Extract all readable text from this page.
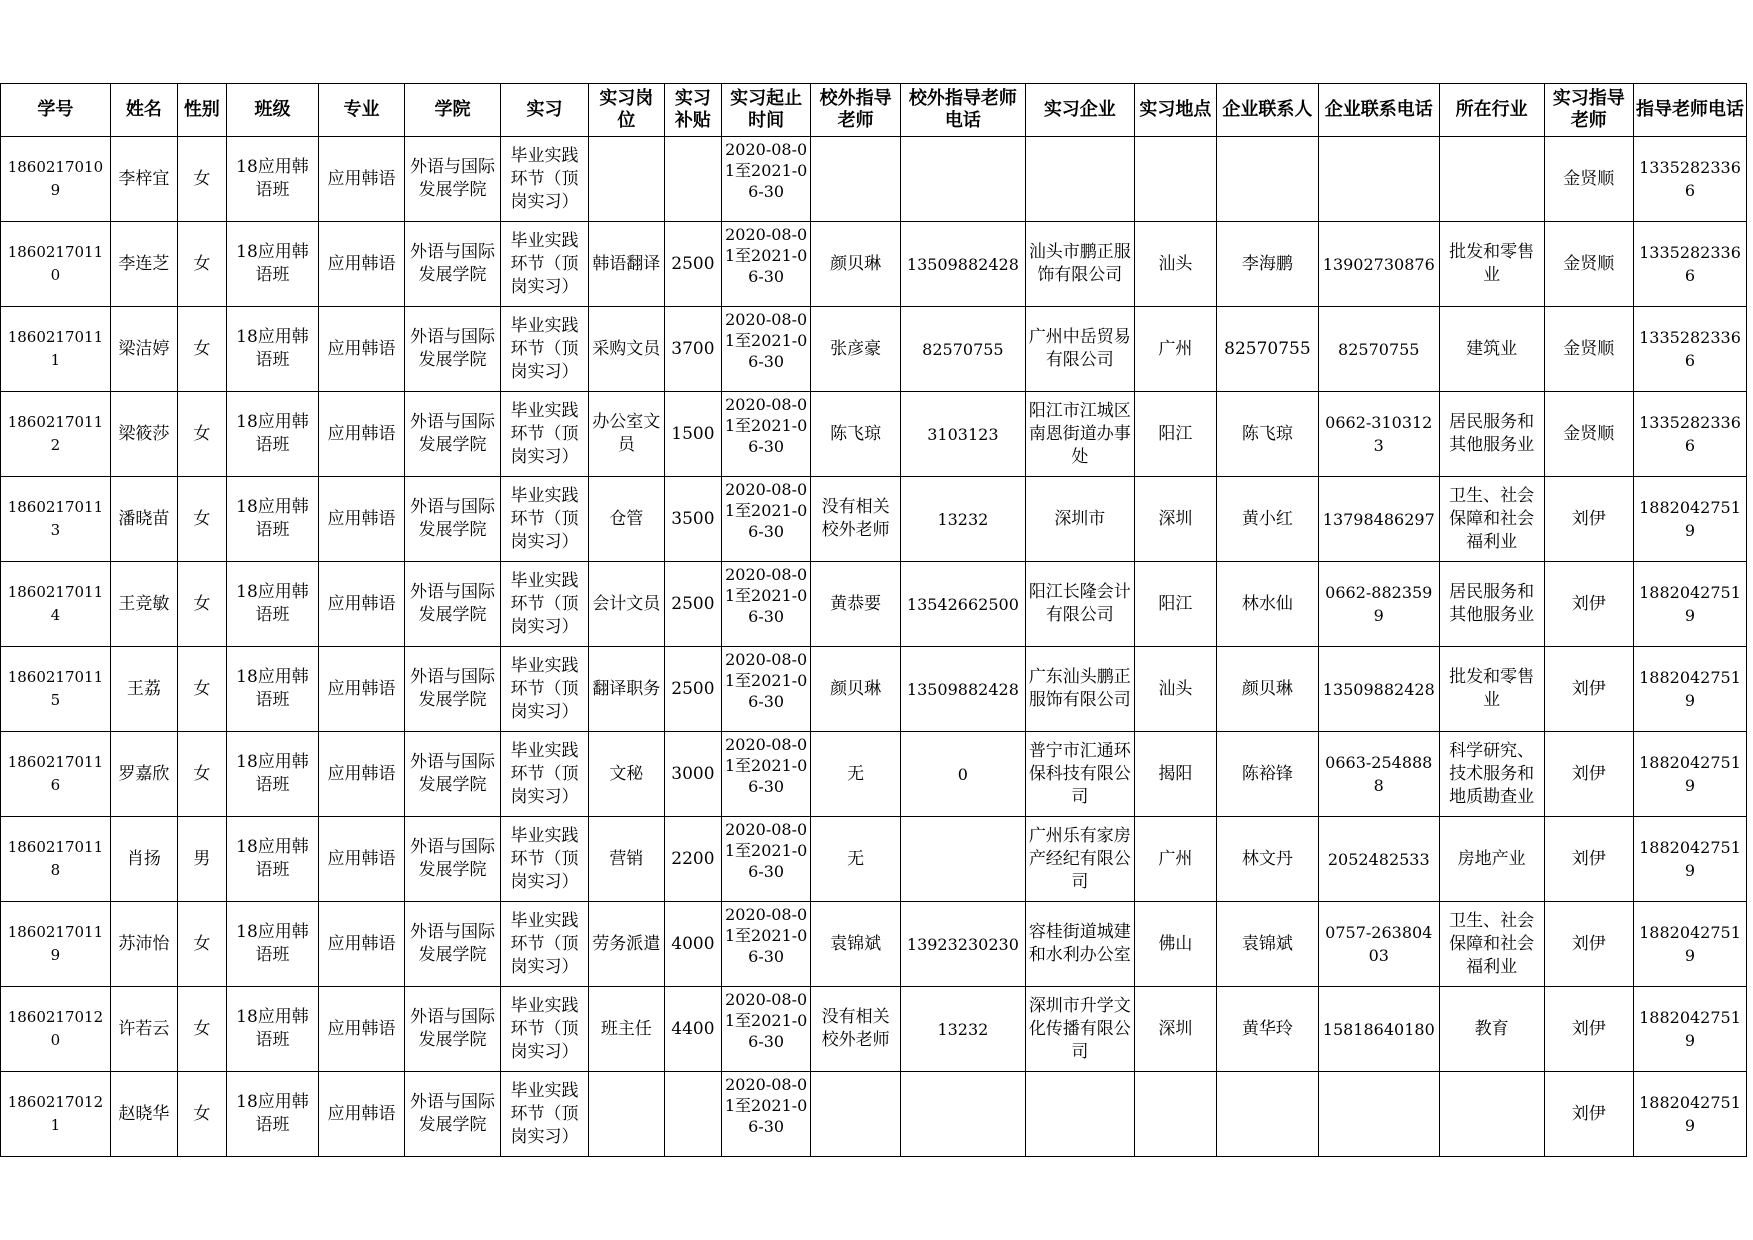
学号	姓名	性别	班级	专业	学院	实习	实习岗位	实习补贴	实习起止时间	校外指导老师	校外指导老师电话	实习企业	实习地点	企业联系人	企业联系电话	所在行业	实习指导老师	指导老师电话

18602170109	李梓宜	女	18应用韩语班	应用韩语	外语与国际发展学院	毕业实践环节（顶岗实习）			2020-08-01至2021-06-30								金贤顺	13352823366

18602170110	李连芝	女	18应用韩语班	应用韩语	外语与国际发展学院	毕业实践环节（顶岗实习）	韩语翻译	2500	2020-08-01至2021-06-30	颜贝琳	13509882428	汕头市鹏正服饰有限公司	汕头	李海鹏	13902730876	批发和零售业	金贤顺	13352823366

18602170111	梁洁婷	女	18应用韩语班	应用韩语	外语与国际发展学院	毕业实践环节（顶岗实习）	采购文员	3700	2020-08-01至2021-06-30	张彦豪	82570755	广州中岳贸易有限公司	广州	82570755	82570755	建筑业	金贤顺	13352823366

18602170112	梁筱莎	女	18应用韩语班	应用韩语	外语与国际发展学院	毕业实践环节（顶岗实习）	办公室文员	1500	2020-08-01至2021-06-30	陈飞琼	3103123	阳江市江城区南恩街道办事处	阳江	陈飞琼	0662-3103123	居民服务和其他服务业	金贤顺	13352823366

18602170113	潘晓苗	女	18应用韩语班	应用韩语	外语与国际发展学院	毕业实践环节（顶岗实习）	仓管	3500	2020-08-01至2021-06-30	没有相关校外老师	13232	深圳市	深圳	黄小红	13798486297	卫生、社会保障和社会福利业	刘伊	18820427519

18602170114	王竞敏	女	18应用韩语班	应用韩语	外语与国际发展学院	毕业实践环节（顶岗实习）	会计文员	2500	2020-08-01至2021-06-30	黄恭要	13542662500	阳江长隆会计有限公司	阳江	林水仙	0662-8823599	居民服务和其他服务业	刘伊	18820427519

18602170115	王荔	女	18应用韩语班	应用韩语	外语与国际发展学院	毕业实践环节（顶岗实习）	翻译职务	2500	2020-08-01至2021-06-30	颜贝琳	13509882428	广东汕头鹏正服饰有限公司	汕头	颜贝琳	13509882428	批发和零售业	刘伊	18820427519

18602170116	罗嘉欣	女	18应用韩语班	应用韩语	外语与国际发展学院	毕业实践环节（顶岗实习）	文秘	3000	2020-08-01至2021-06-30	无	0	普宁市汇通环保科技有限公司	揭阳	陈裕锋	0663-2548888	科学研究、技术服务和地质勘查业	刘伊	18820427519

18602170118	肖扬	男	18应用韩语班	应用韩语	外语与国际发展学院	毕业实践环节（顶岗实习）	营销	2200	2020-08-01至2021-06-30	无		广州乐有家房产经纪有限公司	广州	林文丹	2052482533	房地产业	刘伊	18820427519

18602170119	苏沛怡	女	18应用韩语班	应用韩语	外语与国际发展学院	毕业实践环节（顶岗实习）	劳务派遣	4000	2020-08-01至2021-06-30	袁锦斌	13923230230	容桂街道城建和水利办公室	佛山	袁锦斌	0757-26380403	卫生、社会保障和社会福利业	刘伊	18820427519

18602170120	许若云	女	18应用韩语班	应用韩语	外语与国际发展学院	毕业实践环节（顶岗实习）	班主任	4400	2020-08-01至2021-06-30	没有相关校外老师	13232	深圳市升学文化传播有限公司	深圳	黄华玲	15818640180	教育	刘伊	18820427519

18602170121	赵晓华	女	18应用韩语班	应用韩语	外语与国际发展学院	毕业实践环节（顶岗实习）			2020-08-01至2021-06-30								刘伊	18820427519
